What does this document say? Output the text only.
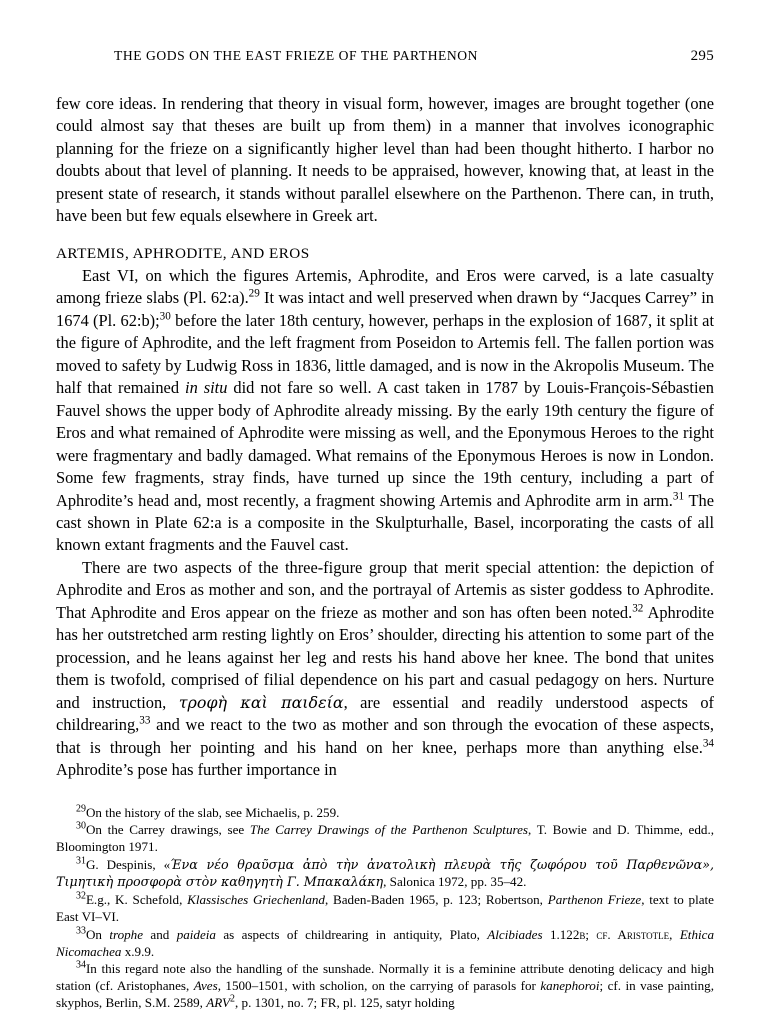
THE GODS ON THE EAST FRIEZE OF THE PARTHENON	295

few core ideas. In rendering that theory in visual form, however, images are brought together (one could almost say that theses are built up from them) in a manner that involves iconographic planning for the frieze on a significantly higher level than had been thought hitherto. I harbor no doubts about that level of planning. It needs to be appraised, however, knowing that, at least in the present state of research, it stands without parallel elsewhere on the Parthenon. There can, in truth, have been but few equals elsewhere in Greek art.

ARTEMIS, APHRODITE, AND EROS

East VI, on which the figures Artemis, Aphrodite, and Eros were carved, is a late casualty among frieze slabs (Pl. 62:a).$^{29}$ It was intact and well preserved when drawn by “Jacques Carrey” in 1674 (Pl. 62:b);$^{30}$ before the later 18th century, however, perhaps in the explosion of 1687, it split at the figure of Aphrodite, and the left fragment from Poseidon to Artemis fell. The fallen portion was moved to safety by Ludwig Ross in 1836, little damaged, and is now in the Akropolis Museum. The half that remained in situ did not fare so well. A cast taken in 1787 by Louis-François-Sébastien Fauvel shows the upper body of Aphrodite already missing. By the early 19th century the figure of Eros and what remained of Aphrodite were missing as well, and the Eponymous Heroes to the right were fragmentary and badly damaged. What remains of the Eponymous Heroes is now in London. Some few fragments, stray finds, have turned up since the 19th century, including a part of Aphrodite’s head and, most recently, a fragment showing Artemis and Aphrodite arm in arm.$^{31}$ The cast shown in Plate 62:a is a composite in the Skulpturhalle, Basel, incorporating the casts of all known extant fragments and the Fauvel cast.

There are two aspects of the three-figure group that merit special attention: the depiction of Aphrodite and Eros as mother and son, and the portrayal of Artemis as sister goddess to Aphrodite. That Aphrodite and Eros appear on the frieze as mother and son has often been noted.$^{32}$ Aphrodite has her outstretched arm resting lightly on Eros’ shoulder, directing his attention to some part of the procession, and he leans against her leg and rests his hand above her knee. The bond that unites them is twofold, comprised of filial dependence on his part and casual pedagogy on hers. Nurture and instruction, τροφὴ καὶ παιδεία, are essential and readily understood aspects of childrearing,$^{33}$ and we react to the two as mother and son through the evocation of these aspects, that is through her pointing and his hand on her knee, perhaps more than anything else.$^{34}$ Aphrodite’s pose has further importance in

$^{29}$On the history of the slab, see Michaelis, p. 259.

$^{30}$On the Carrey drawings, see The Carrey Drawings of the Parthenon Sculptures, T. Bowie and D. Thimme, edd., Bloomington 1971.

$^{31}$G. Despinis, «Ένα νέο θραῦσμα ἀπὸ τὴν ἀνατολικὴ πλευρὰ τῆς ζωφόρου τοῦ Παρθενῶνα», Τιμητικὴ προσφορὰ στὸν καθηγητὴ Γ. Μπακαλάκη, Salonica 1972, pp. 35–42.

$^{32}$E.g., K. Schefold, Klassisches Griechenland, Baden-Baden 1965, p. 123; Robertson, Parthenon Frieze, text to plate East VI–VI.

$^{33}$On trophe and paideia as aspects of childrearing in antiquity, Plato, Alcibiades 1.122в; cf. Aristotle, Ethica Nicomachea x.9.9.

$^{34}$In this regard note also the handling of the sunshade. Normally it is a feminine attribute denoting delicacy and high station (cf. Aristophanes, Aves, 1500–1501, with scholion, on the carrying of parasols for kanephoroi; cf. in vase painting, skyphos, Berlin, S.M. 2589, ARV$^2$, p. 1301, no. 7; FR, pl. 125, satyr holding
